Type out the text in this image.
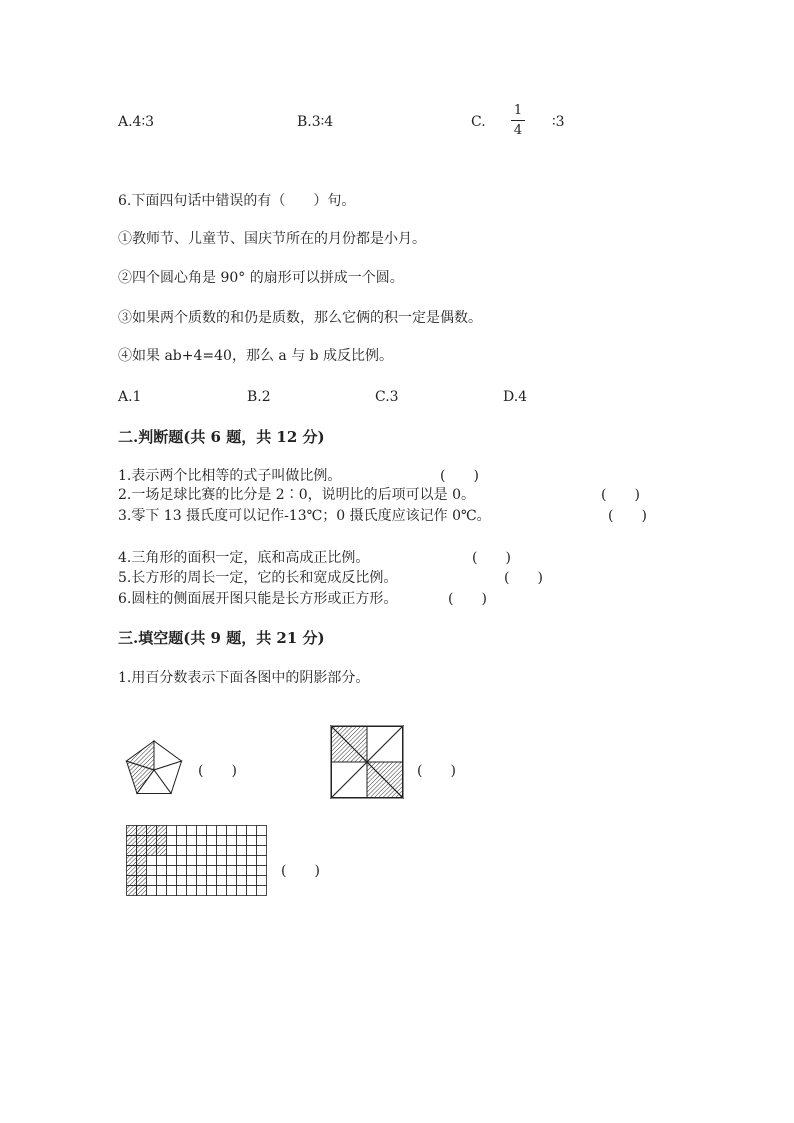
A.4∶3	B.3∶4	C.
1
4
∶3
6.下面四句话中错误的有（　　）句。
①教师节、儿童节、国庆节所在的月份都是小月。
②四个圆心角是 90° 的扇形可以拼成一个圆。
③如果两个质数的和仍是质数，那么它俩的积一定是偶数。
④如果 ab+4=40，那么 a 与 b 成反比例。
A.1	B.2	C.3	D.4
二.判断题(共 6 题，共 12 分)
1.表示两个比相等的式子叫做比例。	(　　)
2.一场足球比赛的比分是 2∶0，说明比的后项可以是 0。	(　　)
3.零下 13 摄氏度可以记作-13℃；0 摄氏度应该记作 0℃。	(　　)
4.三角形的面积一定，底和高成正比例。	(　　)
5.长方形的周长一定，它的长和宽成反比例。	(　　)
6.圆柱的侧面展开图只能是长方形或正方形。	(　　)
三.填空题(共 9 题，共 21 分)
1.用百分数表示下面各图中的阴影部分。
(　　)	(　　)
(　　)
